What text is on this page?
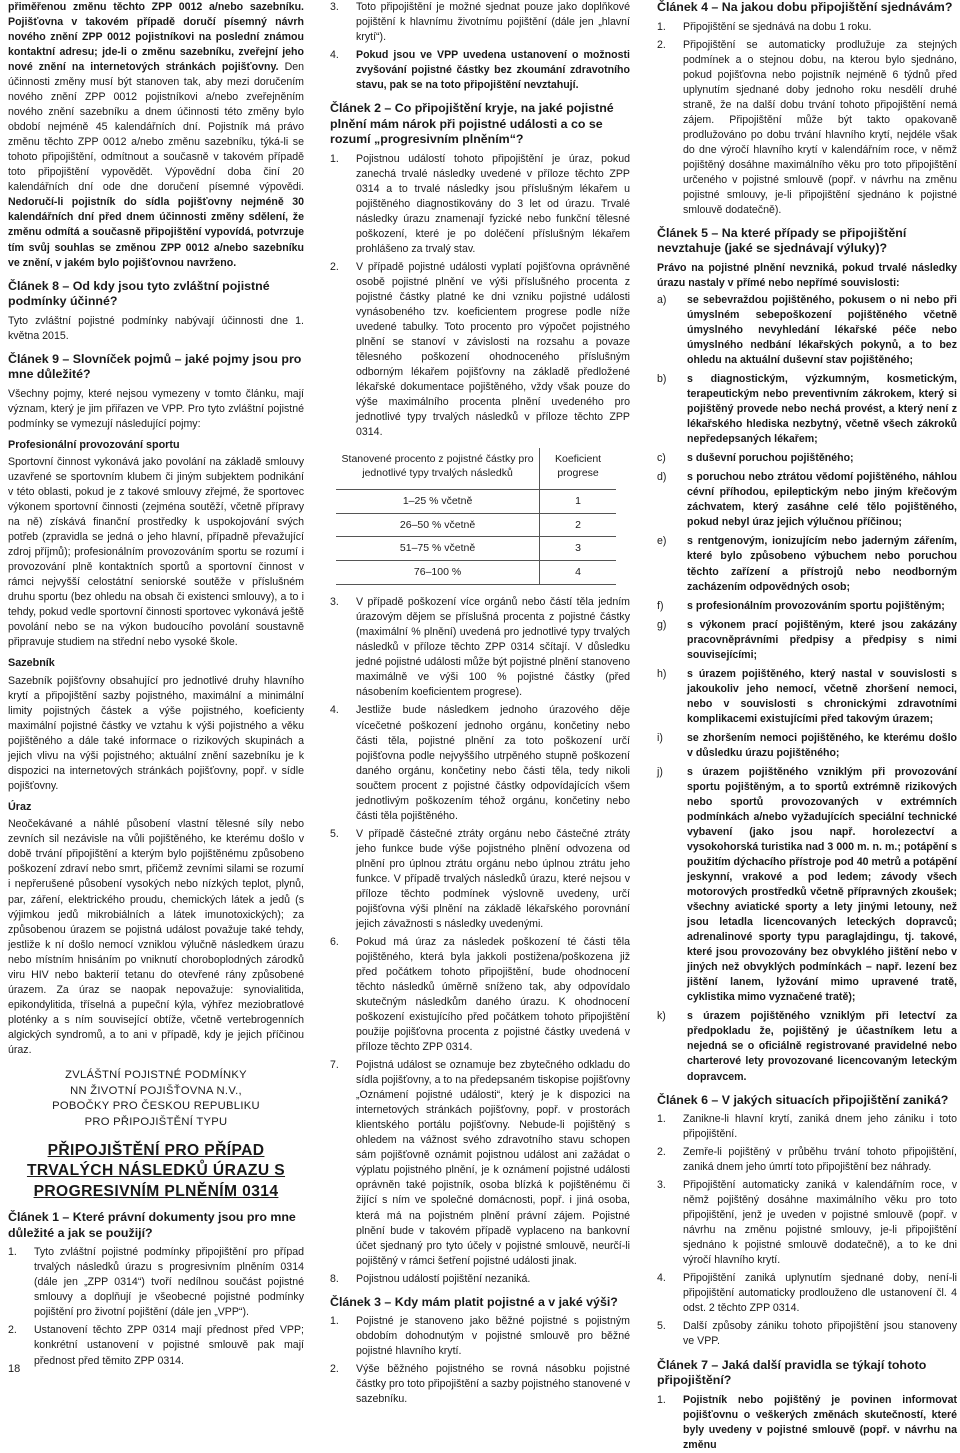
přiměřenou změnu těchto ZPP 0012 a/nebo sazebníku. Pojišťovna v takovém případě doručí písemný návrh nového znění ZPP 0012 pojistníkovi na poslední známou kontaktní adresu; jde-li o změnu sazebníku, zveřejní jeho nové znění na internetových stránkách pojišťovny. Den účinnosti změny musí být stanoven tak, aby mezi doručením nového znění ZPP 0012 pojistníkovi a/nebo zveřejněním nového znění sazebníku a dnem účinnosti této změny bylo období nejméně 45 kalendářních dní. Pojistník má právo změnu těchto ZPP 0012 a/nebo změnu sazebníku, týká-li se tohoto připojištění, odmítnout a současně v takovém případě toto připojištění vypovědět. Výpovědní doba činí 20 kalendářních dní ode dne doručení písemné výpovědi. Nedoručí-li pojistník do sídla pojišťovny nejméně 30 kalendářních dní před dnem účinnosti změny sdělení, že změnu odmítá a současně připojištění vypovídá, potvrzuje tím svůj souhlas se změnou ZPP 0012 a/nebo sazebníku ve znění, v jakém bylo pojišťovnou navrženo.

Článek 8 – Od kdy jsou tyto zvláštní pojistné podmínky účinné?

Tyto zvláštní pojistné podmínky nabývají účinnosti dne 1. května 2015.

Článek 9 – Slovníček pojmů – jaké pojmy jsou pro mne důležité?

Všechny pojmy, které nejsou vymezeny v tomto článku, mají význam, který je jim přiřazen ve VPP. Pro tyto zvláštní pojistné podmínky se vymezují následující pojmy:

Profesionální provozování sportu

Sportovní činnost vykonává jako povolání na základě smlouvy uzavřené se sportovním klubem či jiným subjektem podnikání v této oblasti, pokud je z takové smlouvy zřejmé, že sportovec výkonem sportovní činnosti (zejména soutěží, včetně přípravy na ně) získává finanční prostředky k uspokojování svých potřeb (zpravidla se jedná o jeho hlavní, případně převažující zdroj příjmů); profesionálním provozováním sportu se rozumí i provozování plně kontaktních sportů a sportovní činnost v rámci nejvyšší celostátní seniorské soutěže v příslušném druhu sportu (bez ohledu na obsah či existenci smlouvy), a to i tehdy, pokud vedle sportovní činnosti sportovec vykonává ještě povolání nebo se na výkon budoucího povolání soustavně připravuje studiem na střední nebo vysoké škole.

Sazebník

Sazebník pojišťovny obsahující pro jednotlivé druhy hlavního krytí a připojištění sazby pojistného, maximální a minimální limity pojistných částek a výše pojistného, koeficienty maximální pojistné částky ve vztahu k výši pojistného a věku pojištěného a dále také informace o rizikových skupinách a jejich vlivu na výši pojistného; aktuální znění sazebníku je k dispozici na internetových stránkách pojišťovny, popř. v sídle pojišťovny.

Úraz

Neočekávané a náhlé působení vlastní tělesné síly nebo zevních sil nezávisle na vůli pojištěného, ke kterému došlo v době trvání připojištění a kterým bylo pojištěnému způsobeno poškození zdraví nebo smrt, přičemž zevními silami se rozumí i nepřerušené působení vysokých nebo nízkých teplot, plynů, par, záření, elektrického proudu, chemických látek a jedů (s výjimkou jedů mikrobiálních a látek imunotoxických); za způsobenou úrazem se pojistná událost považuje také tehdy, jestliže k ní došlo nemocí vzniklou výlučně následkem úrazu nebo místním hnisáním po vniknutí choroboplodných zárodků viru HIV nebo bakterií tetanu do otevřené rány způsobené úrazem. Za úraz se naopak nepovažuje: synovialitida, epikondylitida, tříselná a pupeční kýla, výhřez meziobratlové ploténky a s ním související obtíže, včetně vertebrogenních algických syndromů, a to ani v případě, kdy je jejich příčinou úraz.

ZVLÁŠTNÍ POJISTNÉ PODMÍNKY
NN ŽIVOTNÍ POJIŠŤOVNA N.V.,
POBOČKY PRO ČESKOU REPUBLIKU
PRO PŘIPOJIŠTĚNÍ TYPU
PŘIPOJIŠTĚNÍ PRO PŘÍPAD TRVALÝCH NÁSLEDKŮ ÚRAZU S PROGRESIVNÍM PLNĚNÍM 0314
Článek 1 – Které právní dokumenty jsou pro mne důležité a jak se použijí?
1.	Tyto zvláštní pojistné podmínky připojištění pro případ trvalých následků úrazu s progresivním plněním 0314 (dále jen „ZPP 0314“) tvoří nedílnou součást pojistné smlouvy a doplňují je všeobecné pojistné podmínky pojištění pro životní pojištění (dále jen „VPP“).
2.	Ustanovení těchto ZPP 0314 mají přednost před VPP; konkrétní ustanovení v pojistné smlouvě pak mají přednost před těmito ZPP 0314.
3.	Toto připojištění je možné sjednat pouze jako doplňkové pojištění k hlavnímu životnímu pojištění (dále jen „hlavní krytí“).
4.	Pokud jsou ve VPP uvedena ustanovení o možnosti zvyšování pojistné částky bez zkoumání zdravotního stavu, pak se na toto připojištění nevztahují.
Článek 2 – Co připojištění kryje, na jaké pojistné plnění mám nárok při pojistné události a co se rozumí „progresivním plněním“?
1.	Pojistnou událostí tohoto připojištění je úraz, pokud zanechá trvalé následky uvedené v příloze těchto ZPP 0314 a to trvalé následky jsou příslušným lékařem u pojištěného diagnostikovány do 3 let od úrazu. Trvalé následky úrazu znamenají fyzické nebo funkční tělesné poškození, které je po doléčení příslušným lékařem prohlášeno za trvalý stav.
2.	V případě pojistné události vyplatí pojišťovna oprávněné osobě pojistné plnění ve výši příslušného procenta z pojistné částky platné ke dni vzniku pojistné události vynásobeného tzv. koeficientem progrese podle níže uvedené tabulky. Toto procento pro výpočet pojistného plnění se stanoví v závislosti na rozsahu a povaze tělesného poškození ohodnoceného příslušným odborným lékařem pojišťovny na základě předložené lékařské dokumentace pojištěného, vždy však pouze do výše maximálního procenta plnění uvedeného pro jednotlivé typy trvalých následků v příloze těchto ZPP 0314.
Stanovené procento z pojistné částky pro jednotlivé typy trvalých následků	Koeficient progrese
1–25 % včetně	1
26–50 % včetně	2
51–75 % včetně	3
76–100 %	4
3.	V případě poškození více orgánů nebo částí těla jedním úrazovým dějem se příslušná procenta z pojistné částky (maximální % plnění) uvedená pro jednotlivé typy trvalých následků v příloze těchto ZPP 0314 sčítají. V důsledku jedné pojistné události může být pojistné plnění stanoveno maximálně ve výši 100 % pojistné částky (před násobením koeficientem progrese).
4.	Jestliže bude následkem jednoho úrazového děje vícečetné poškození jednoho orgánu, končetiny nebo části těla, pojistné plnění za toto poškození určí pojišťovna podle nejvyššího utrpěného stupně poškození daného orgánu, končetiny nebo části těla, tedy nikoli součtem procent z pojistné částky odpovídajících všem jednotlivým poškozením téhož orgánu, končetiny nebo části těla pojištěného.
5.	V případě částečné ztráty orgánu nebo částečné ztráty jeho funkce bude výše pojistného plnění odvozena od plnění pro úplnou ztrátu orgánu nebo úplnou ztrátu jeho funkce. V případě trvalých následků úrazu, které nejsou v příloze těchto podmínek výslovně uvedeny, určí pojišťovna výši plnění na základě lékařského porovnání jejich závažnosti s následky uvedenými.
6.	Pokud má úraz za následek poškození té části těla pojištěného, která byla jakkoli postižena/poškozena již před počátkem tohoto připojištění, bude ohodnocení těchto následků úměrně sníženo tak, aby odpovídalo skutečným následkům daného úrazu. K ohodnocení poškození existujícího před počátkem tohoto připojištění použije pojišťovna procenta z pojistné částky uvedená v příloze těchto ZPP 0314.
7.	Pojistná událost se oznamuje bez zbytečného odkladu do sídla pojišťovny, a to na předepsaném tiskopise pojišťovny „Oznámení pojistné události“, který je k dispozici na internetových stránkách pojišťovny, popř. v prostorách klientského portálu pojišťovny. Nebude-li pojištěný s ohledem na vážnost svého zdravotního stavu schopen sám pojišťovně oznámit pojistnou událost ani zažádat o výplatu pojistného plnění, je k oznámení pojistné události oprávněn také pojistník, osoba blízká k pojištěnému či žijící s ním ve společné domácnosti, popř. i jiná osoba, která má na pojistném plnění právní zájem. Pojistné plnění bude v takovém případě vyplaceno na bankovní účet sjednaný pro tyto účely v pojistné smlouvě, neurčí-li pojištěný v rámci šetření pojistné události jinak.
8.	Pojistnou událostí pojištění nezaniká.
Článek 3 – Kdy mám platit pojistné a v jaké výši?
1.	Pojistné je stanoveno jako běžné pojistné s pojistným obdobím dohodnutým v pojistné smlouvě pro běžné pojistné hlavního krytí.
2.	Výše běžného pojistného se rovná násobku pojistné částky pro toto připojištění a sazby pojistného stanovené v sazebníku.
Článek 4 – Na jakou dobu připojištění sjednávám?
1.	Připojištění se sjednává na dobu 1 roku.
2.	Připojištění se automaticky prodlužuje za stejných podmínek a o stejnou dobu, na kterou bylo sjednáno, pokud pojišťovna nebo pojistník nejméně 6 týdnů před uplynutím sjednané doby jednoho roku nesdělí druhé straně, že na další dobu trvání tohoto připojištění nemá zájem. Připojištění může být takto opakovaně prodlužováno po dobu trvání hlavního krytí, nejdéle však do dne výročí hlavního krytí v kalendářním roce, v němž pojištěný dosáhne maximálního věku pro toto připojištění určeného v pojistné smlouvě (popř. v návrhu na změnu pojistné smlouvy, je-li připojištění sjednáno k pojistné smlouvě dodatečně).
Článek 5 – Na které případy se připojištění nevztahuje (jaké se sjednávají výluky)?

Právo na pojistné plnění nevzniká, pokud trvalé následky úrazu nastaly v přímé nebo nepřímé souvislosti:

a)	se sebevraždou pojištěného, pokusem o ni nebo při úmyslném sebepoškození pojištěného včetně úmyslného nevyhledání lékařské péče nebo úmyslného nedbání lékařských pokynů, a to bez ohledu na aktuální duševní stav pojištěného;
b)	s diagnostickým, výzkumným, kosmetickým, terapeutickým nebo preventivním zákrokem, který si pojištěný provede nebo nechá provést, a který není z lékařského hlediska nezbytný, včetně všech zákroků nepředepsaných lékařem;
c)	s duševní poruchou pojištěného;
d)	s poruchou nebo ztrátou vědomí pojištěného, náhlou cévní příhodou, epileptickým nebo jiným křečovým záchvatem, který zasáhne celé tělo pojištěného, pokud nebyl úraz jejich výlučnou příčinou;
e)	s rentgenovým, ionizujícím nebo jaderným zářením, které bylo způsobeno výbuchem nebo poruchou těchto zařízení a přístrojů nebo neodborným zacházením odpovědných osob;
f)	s profesionálním provozováním sportu pojištěným;
g)	s výkonem prací pojištěným, které jsou zakázány pracovněprávními předpisy a předpisy s nimi souvisejícími;
h)	s úrazem pojištěného, který nastal v souvislosti s jakoukoliv jeho nemocí, včetně zhoršení nemoci, nebo v souvislosti s chronickými zdravotními komplikacemi existujícími před takovým úrazem;
i)	se zhoršením nemoci pojištěného, ke kterému došlo v důsledku úrazu pojištěného;
j)	s úrazem pojištěného vzniklým při provozování sportu pojištěným, a to sportů extrémně rizikových nebo sportů provozovaných v extrémních podmínkách a/nebo vyžadujících speciální technické vybavení (jako jsou např. horolezectví a vysokohorská turistika nad 3 000 m. n. m.; potápění s použitím dýchacího přístroje pod 40 metrů a potápění jeskynní, vrakové a pod ledem; závody všech motorových prostředků včetně přípravných zkoušek; všechny aviatické sporty a lety jinými letouny, než jsou letadla licencovaných leteckých dopravců; adrenalinové sporty typu paraglajdingu, tj. takové, které jsou provozovány bez obvyklého jištění nebo v jiných než obvyklých podmínkách – např. lezení bez jištění lanem, lyžování mimo upravené tratě, cyklistika mimo vyznačené tratě);
k)	s úrazem pojištěného vzniklým při letectví za předpokladu že, pojištěný je účastníkem letu a nejedná se o oficiálně registrované pravidelné nebo charterové lety provozované licencovaným leteckým dopravcem.
Článek 6 – V jakých situacích připojištění zaniká?
1.	Zanikne-li hlavní krytí, zaniká dnem jeho zániku i toto připojištění.
2.	Zemře-li pojištěný v průběhu trvání tohoto připojištění, zaniká dnem jeho úmrtí toto připojištění bez náhrady.
3.	Připojištění automaticky zaniká v kalendářním roce, v němž pojištěný dosáhne maximálního věku pro toto připojištění, jenž je uveden v pojistné smlouvě (popř. v návrhu na změnu pojistné smlouvy, je-li připojištění sjednáno k pojistné smlouvě dodatečně), a to ke dni výročí hlavního krytí.
4.	Připojištění zaniká uplynutím sjednané doby, není-li připojištění automaticky prodlouženo dle ustanovení čl. 4 odst. 2 těchto ZPP 0314.
5.	Další způsoby zániku tohoto připojištění jsou stanoveny ve VPP.
Článek 7 – Jaká další pravidla se týkají tohoto připojištění?
1.	Pojistník nebo pojištěný je povinen informovat pojišťovnu o veškerých změnách skutečností, které byly uvedeny v pojistné smlouvě (popř. v návrhu na změnu
18
